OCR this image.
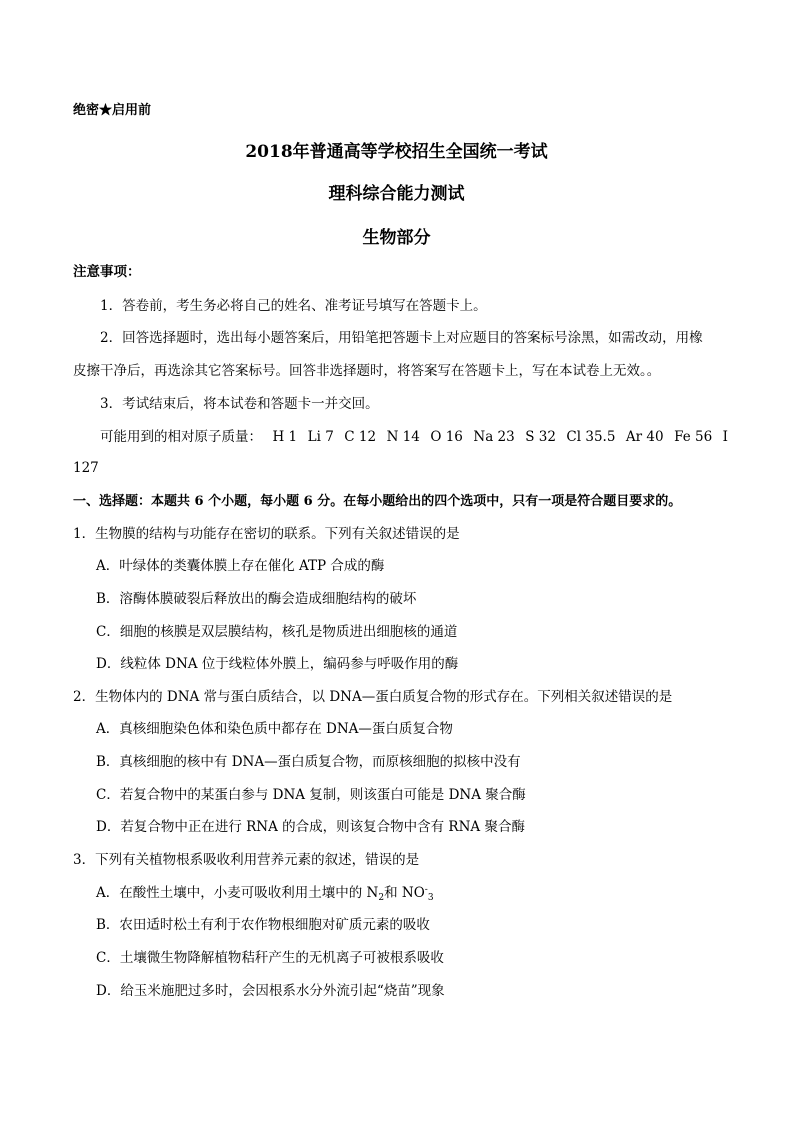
绝密★启用前
2018年普通高等学校招生全国统一考试
理科综合能力测试
生物部分
注意事项：
1．答卷前，考生务必将自己的姓名、准考证号填写在答题卡上。
2．回答选择题时，选出每小题答案后，用铅笔把答题卡上对应题目的答案标号涂黑，如需改动，用橡
皮擦干净后，再选涂其它答案标号。回答非选择题时，将答案写在答题卡上，写在本试卷上无效。。
3．考试结束后，将本试卷和答题卡一并交回。
可能用到的相对原子质量： H 1 Li 7 C 12 N 14 O 16 Na 23 S 32 Cl 35.5 Ar 40 Fe 56 I
127
一、选择题：本题共 6 个小题，每小题 6 分。在每小题给出的四个选项中，只有一项是符合题目要求的。
1．生物膜的结构与功能存在密切的联系。下列有关叙述错误的是
A．叶绿体的类囊体膜上存在催化 ATP 合成的酶
B．溶酶体膜破裂后释放出的酶会造成细胞结构的破坏
C．细胞的核膜是双层膜结构，核孔是物质进出细胞核的通道
D．线粒体 DNA 位于线粒体外膜上，编码参与呼吸作用的酶
2．生物体内的 DNA 常与蛋白质结合，以 DNA—蛋白质复合物的形式存在。下列相关叙述错误的是
A．真核细胞染色体和染色质中都存在 DNA—蛋白质复合物
B．真核细胞的核中有 DNA—蛋白质复合物，而原核细胞的拟核中没有
C．若复合物中的某蛋白参与 DNA 复制，则该蛋白可能是 DNA 聚合酶
D．若复合物中正在进行 RNA 的合成，则该复合物中含有 RNA 聚合酶
3．下列有关植物根系吸收利用营养元素的叙述，错误的是
A．在酸性土壤中，小麦可吸收利用土壤中的 $N_2$和 $NO^-_3$
B．农田适时松土有利于农作物根细胞对矿质元素的吸收
C．土壤微生物降解植物秸秆产生的无机离子可被根系吸收
D．给玉米施肥过多时，会因根系水分外流引起“烧苗”现象
